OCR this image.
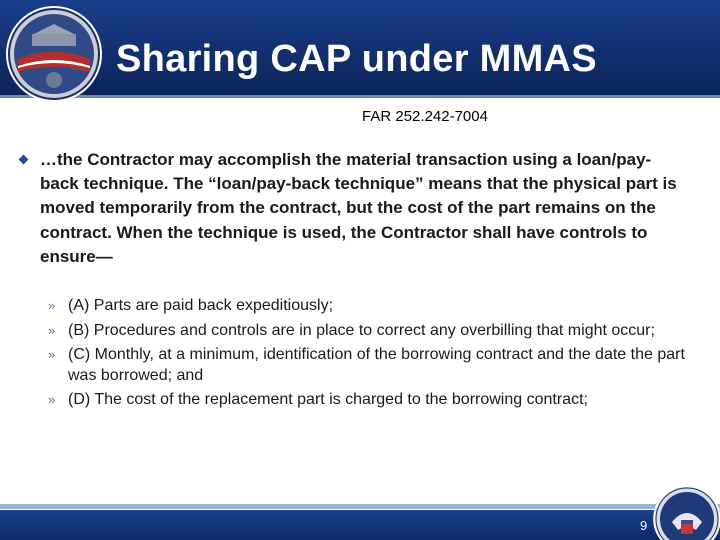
Sharing CAP under MMAS
FAR 252.242-7004

…the Contractor may accomplish the material transaction using a loan/pay-back technique. The “loan/pay-back technique” means that the physical part is moved temporarily from the contract, but the cost of the part remains on the contract. When the technique is used, the Contractor shall have controls to ensure—

» (A) Parts are paid back expeditiously;
» (B) Procedures and controls are in place to correct any overbilling that might occur;
» (C) Monthly, at a minimum, identification of the borrowing contract and the date the part was borrowed; and
» (D) The cost of the replacement part is charged to the borrowing contract;
9
